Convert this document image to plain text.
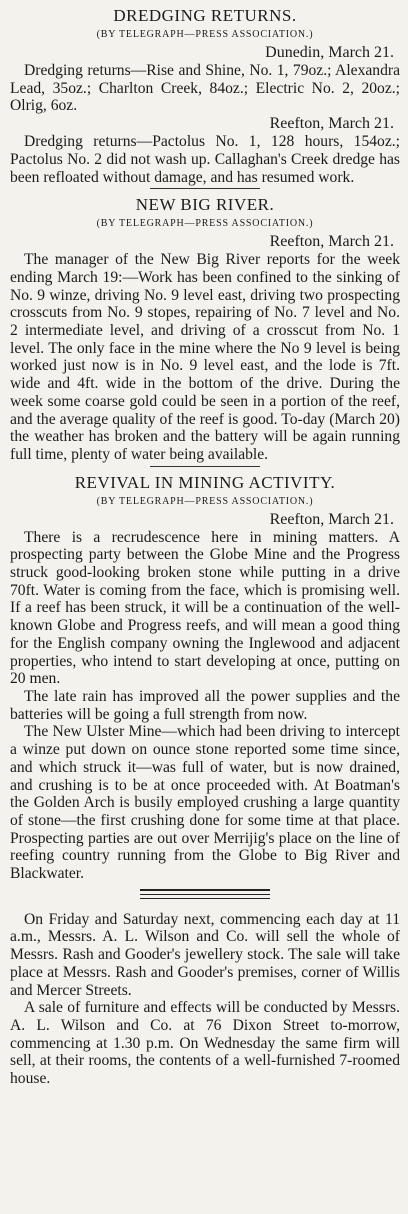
DREDGING RETURNS.
(BY TELEGRAPH—PRESS ASSOCIATION.)
Dunedin, March 21.

Dredging returns—Rise and Shine, No. 1, 79oz.; Alexandra Lead, 35oz.; Charlton Creek, 84oz.; Electric No. 2, 20oz.; Olrig, 6oz.

Reefton, March 21.

Dredging returns—Pactolus No. 1, 128 hours, 154oz.; Pactolus No. 2 did not wash up. Callaghan's Creek dredge has been refloated without damage, and has resumed work.

NEW BIG RIVER.
(BY TELEGRAPH—PRESS ASSOCIATION.)
Reefton, March 21.

The manager of the New Big River reports for the week ending March 19:—Work has been confined to the sinking of No. 9 winze, driving No. 9 level east, driving two prospecting crosscuts from No. 9 stopes, repairing of No. 7 level and No. 2 intermediate level, and driving of a crosscut from No. 1 level. The only face in the mine where the No 9 level is being worked just now is in No. 9 level east, and the lode is 7ft. wide and 4ft. wide in the bottom of the drive. During the week some coarse gold could be seen in a portion of the reef, and the average quality of the reef is good. To-day (March 20) the weather has broken and the battery will be again running full time, plenty of water being available.

REVIVAL IN MINING ACTIVITY.
(BY TELEGRAPH—PRESS ASSOCIATION.)
Reefton, March 21.

There is a recrudescence here in mining matters. A prospecting party between the Globe Mine and the Progress struck good-looking broken stone while putting in a drive 70ft. Water is coming from the face, which is promising well. If a reef has been struck, it will be a continuation of the well-known Globe and Progress reefs, and will mean a good thing for the English company owning the Inglewood and adjacent properties, who intend to start developing at once, putting on 20 men.

The late rain has improved all the power supplies and the batteries will be going a full strength from now.

The New Ulster Mine—which had been driving to intercept a winze put down on ounce stone reported some time since, and which struck it—was full of water, but is now drained, and crushing is to be at once proceeded with. At Boatman's the Golden Arch is busily employed crushing a large quantity of stone—the first crushing done for some time at that place. Prospecting parties are out over Merrijig's place on the line of reefing country running from the Globe to Big River and Blackwater.

On Friday and Saturday next, commencing each day at 11 a.m., Messrs. A. L. Wilson and Co. will sell the whole of Messrs. Rash and Gooder's jewellery stock. The sale will take place at Messrs. Rash and Gooder's premises, corner of Willis and Mercer Streets.

A sale of furniture and effects will be conducted by Messrs. A. L. Wilson and Co. at 76 Dixon Street to-morrow, commencing at 1.30 p.m. On Wednesday the same firm will sell, at their rooms, the contents of a well-furnished 7-roomed house.
